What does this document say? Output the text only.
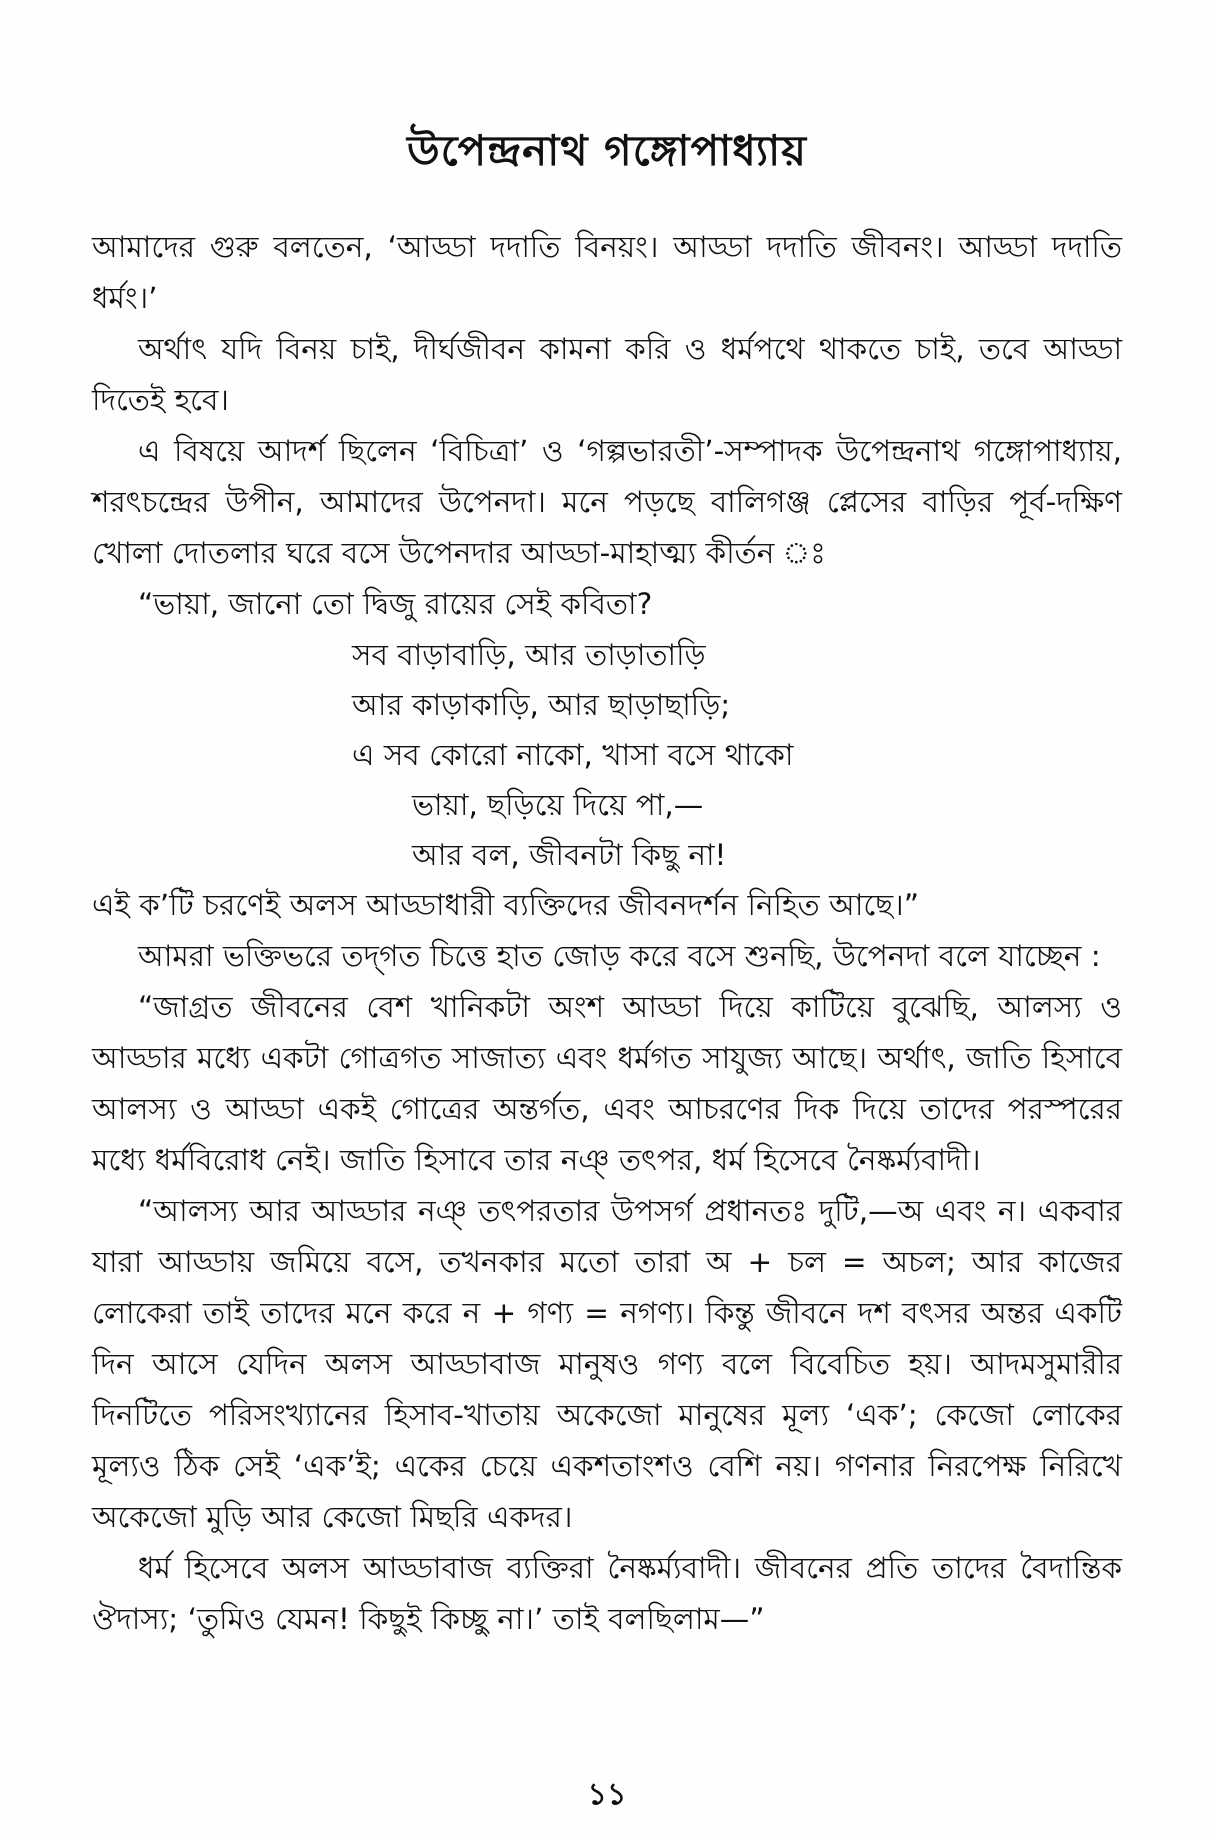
উপেন্দ্রনাথ গঙ্গোপাধ্যায়

আমাদের গুরু বলতেন, ‘আড্ডা দদাতি বিনয়ং। আড্ডা দদাতি জীবনং। আড্ডা দদাতি ধর্মং।’

অর্থাৎ যদি বিনয় চাই, দীর্ঘজীবন কামনা করি ও ধর্মপথে থাকতে চাই, তবে আড্ডা দিতেই হবে।

এ বিষয়ে আদর্শ ছিলেন ‘বিচিত্রা’ ও ‘গল্পভারতী’-সম্পাদক উপেন্দ্রনাথ গঙ্গোপাধ্যায়, শরৎচন্দ্রের উপীন, আমাদের উপেনদা। মনে পড়ছে বালিগঞ্জ প্লেসের বাড়ির পূর্ব-দক্ষিণ খোলা দোতলার ঘরে বসে উপেনদার আড্ডা-মাহাত্ম্য কীর্তন ঃ

“ভায়া, জানো তো দ্বিজু রায়ের সেই কবিতা?

সব বাড়াবাড়ি, আর তাড়াতাড়ি
আর কাড়াকাড়ি, আর ছাড়াছাড়ি;
এ সব কোরো নাকো, খাসা বসে থাকো
ভায়া, ছড়িয়ে দিয়ে পা,—
আর বল, জীবনটা কিছু না!

এই ক’টি চরণেই অলস আড্ডাধারী ব্যক্তিদের জীবনদর্শন নিহিত আছে।”

আমরা ভক্তিভরে তদ্‌গত চিত্তে হাত জোড় করে বসে শুনছি, উপেনদা বলে যাচ্ছেন :

“জাগ্রত জীবনের বেশ খানিকটা অংশ আড্ডা দিয়ে কাটিয়ে বুঝেছি, আলস্য ও আড্ডার মধ্যে একটা গোত্রগত সাজাত্য এবং ধর্মগত সাযুজ্য আছে। অর্থাৎ, জাতি হিসাবে আলস্য ও আড্ডা একই গোত্রের অন্তর্গত, এবং আচরণের দিক দিয়ে তাদের পরস্পরের মধ্যে ধর্মবিরোধ নেই। জাতি হিসাবে তার নঞ্‌ তৎপর, ধর্ম হিসেবে নৈষ্কর্ম্যবাদী।

“আলস্য আর আড্ডার নঞ্‌ তৎপরতার উপসর্গ প্রধানতঃ দুটি,—অ এবং ন। একবার যারা আড্ডায় জমিয়ে বসে, তখনকার মতো তারা অ + চল = অচল; আর কাজের লোকেরা তাই তাদের মনে করে ন + গণ্য = নগণ্য। কিন্তু জীবনে দশ বৎসর অন্তর একটি দিন আসে যেদিন অলস আড্ডাবাজ মানুষও গণ্য বলে বিবেচিত হয়। আদমসুমারীর দিনটিতে পরিসংখ্যানের হিসাব-খাতায় অকেজো মানুষের মূল্য ‘এক’; কেজো লোকের মূল্যও ঠিক সেই ‘এক’ই; একের চেয়ে একশতাংশও বেশি নয়। গণনার নিরপেক্ষ নিরিখে অকেজো মুড়ি আর কেজো মিছরি একদর।

ধর্ম হিসেবে অলস আড্ডাবাজ ব্যক্তিরা নৈষ্কর্ম্যবাদী। জীবনের প্রতি তাদের বৈদান্তিক ঔদাস্য; ‘তুমিও যেমন! কিছুই কিচ্ছু না।’ তাই বলছিলাম—”

১১
